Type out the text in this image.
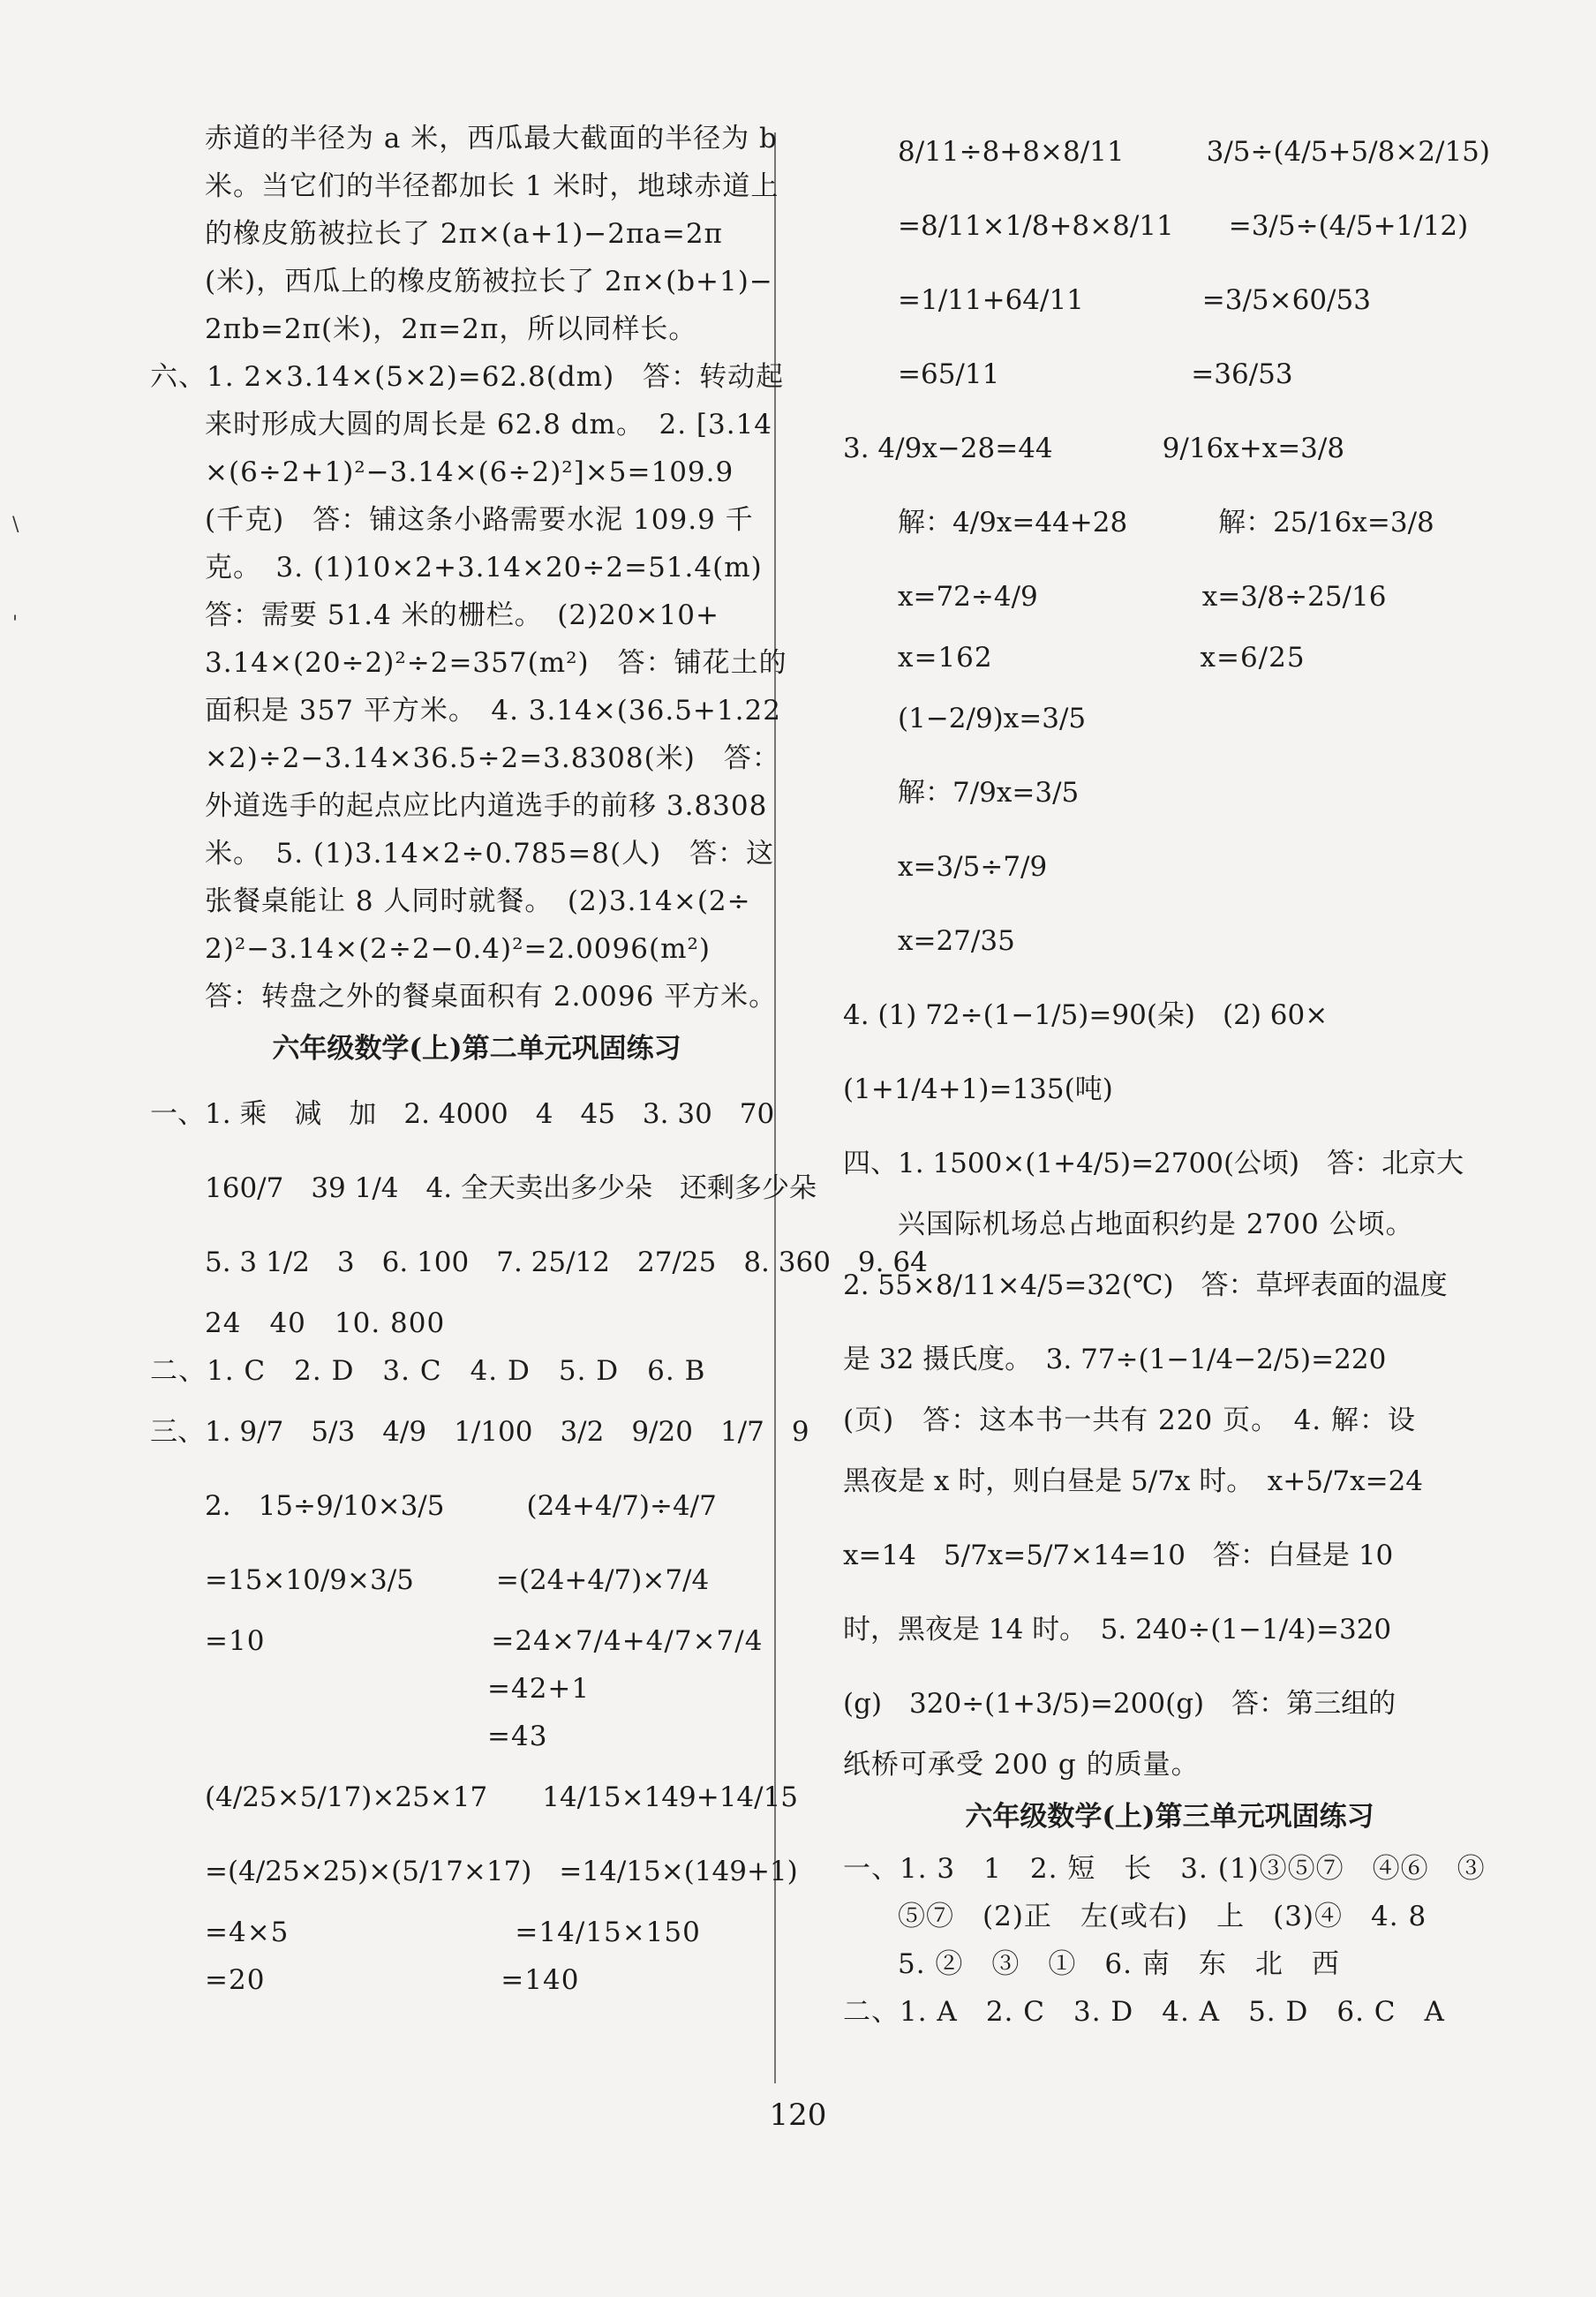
\
'
赤道的半径为 a 米，西瓜最大截面的半径为 b
米。当它们的半径都加长 1 米时，地球赤道上
的橡皮筋被拉长了 2π×(a+1)−2πa=2π
(米)，西瓜上的橡皮筋被拉长了 2π×(b+1)−
2πb=2π(米)，2π=2π，所以同样长。
六、1. 2×3.14×(5×2)=62.8(dm)　答：转动起
来时形成大圆的周长是 62.8 dm。　2. [3.14
×(6÷2+1)²−3.14×(6÷2)²]×5=109.9
(千克)　答：铺这条小路需要水泥 109.9 千
克。　3. (1)10×2+3.14×20÷2=51.4(m)
答：需要 51.4 米的栅栏。　(2)20×10+
3.14×(20÷2)²÷2=357(m²)　答：铺花土的
面积是 357 平方米。　4. 3.14×(36.5+1.22
×2)÷2−3.14×36.5÷2=3.8308(米)　答：
外道选手的起点应比内道选手的前移 3.8308
米。　5. (1)3.14×2÷0.785=8(人)　答：这
张餐桌能让 8 人同时就餐。　(2)3.14×(2÷
2)²−3.14×(2÷2−0.4)²=2.0096(m²)
答：转盘之外的餐桌面积有 2.0096 平方米。
六年级数学(上)第二单元巩固练习
一、1. 乘　减　加　2. 4000　4　45　3. 30　70
160/7　39 1/4　4. 全天卖出多少朵　还剩多少朵
5. 3 1/2　3　6. 100　7. 25/12　27/25　8. 360　9. 64
24　40　10. 800
二、1. C　2. D　3. C　4. D　5. D　6. B
三、1. 9/7　5/3　4/9　1/100　3/2　9/20　1/7　9
2.　15÷9/10×3/5　　　(24+4/7)÷4/7
=15×10/9×3/5　　　=(24+4/7)×7/4
=10　　　　　　　　=24×7/4+4/7×7/4
　　　　　　　　　　=42+1
　　　　　　　　　　=43
(4/25×5/17)×25×17　　14/15×149+14/15
=(4/25×25)×(5/17×17)　=14/15×(149+1)
=4×5　　　　　　　　=14/15×150
=20　　　　　　　　 =140
8/11÷8+8×8/11　　　3/5÷(4/5+5/8×2/15)
=8/11×1/8+8×8/11　　=3/5÷(4/5+1/12)
=1/11+64/11　　　　 =3/5×60/53
=65/11　　　　　　　=36/53
3. 4/9x−28=44　　　　9/16x+x=3/8
解：4/9x=44+28　　　 解：25/16x=3/8
x=72÷4/9　　　　　　x=3/8÷25/16
x=162　　　　　　　 x=6/25
(1−2/9)x=3/5
解：7/9x=3/5
x=3/5÷7/9
x=27/35
4. (1) 72÷(1−1/5)=90(朵)　(2) 60×
(1+1/4+1)=135(吨)
四、1. 1500×(1+4/5)=2700(公顷)　答：北京大
兴国际机场总占地面积约是 2700 公顷。
2. 55×8/11×4/5=32(℃)　答：草坪表面的温度
是 32 摄氏度。　3. 77÷(1−1/4−2/5)=220
(页)　答：这本书一共有 220 页。　4. 解：设
黑夜是 x 时，则白昼是 5/7x 时。　x+5/7x=24
x=14　5/7x=5/7×14=10　答：白昼是 10
时，黑夜是 14 时。　5. 240÷(1−1/4)=320
(g)　320÷(1+3/5)=200(g)　答：第三组的
纸桥可承受 200 g 的质量。
六年级数学(上)第三单元巩固练习
一、1. 3　1　2. 短　长　3. (1)③⑤⑦　④⑥　③
⑤⑦　(2)正　左(或右)　上　(3)④　4. 8
5. ②　③　①　6. 南　东　北　西
二、1. A　2. C　3. D　4. A　5. D　6. C　A
120
